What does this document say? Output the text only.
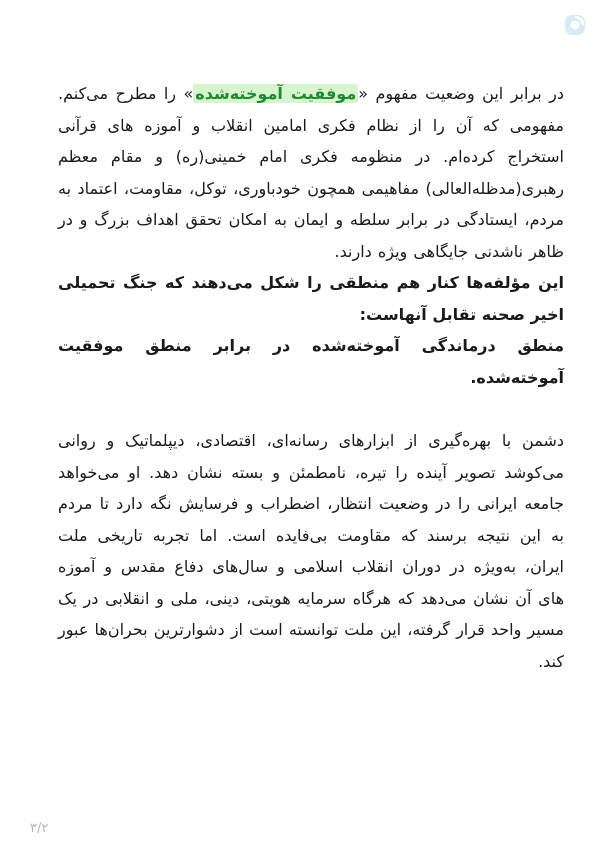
در برابر این وضعیت مفهوم «موفقیت آموخته‌شده» را مطرح می‌کنم. مفهومی که آن را از نظام فکری امامین انقلاب و آموزه های قرآنی استخراج کرده‌ام. در منظومه فکری امام خمینی(ره) و مقام معظم رهبری(مدظله‌العالی) مفاهیمی همچون خودباوری، توکل، مقاومت، اعتماد به مردم، ایستادگی در برابر سلطه و ایمان به امکان تحقق اهداف بزرگ و در ظاهر ناشدنی جایگاهی ویژه دارند.

این مؤلفه‌ها کنار هم منطقی را شکل می‌دهند که جنگ تحمیلی اخیر صحنه تقابل آنهاست:
منطق درماندگی آموخته‌شده در برابر منطق موفقیت آموخته‌شده.

دشمن با بهره‌گیری از ابزارهای رسانه‌ای، اقتصادی، دیپلماتیک و روانی می‌کوشد تصویر آینده را تیره، نامطمئن و بسته نشان دهد. او می‌خواهد جامعه ایرانی را در وضعیت انتظار، اضطراب و فرسایش نگه دارد تا مردم به این نتیجه برسند که مقاومت بی‌فایده است. اما تجربه تاریخی ملت ایران، به‌ویژه در دوران انقلاب اسلامی و سال‌های دفاع مقدس و آموزه های آن نشان می‌دهد که هرگاه سرمایه هویتی، دینی، ملی و انقلابی در یک مسیر واحد قرار گرفته، این ملت توانسته است از دشوارترین بحران‌ها عبور کند.

۳/۲
